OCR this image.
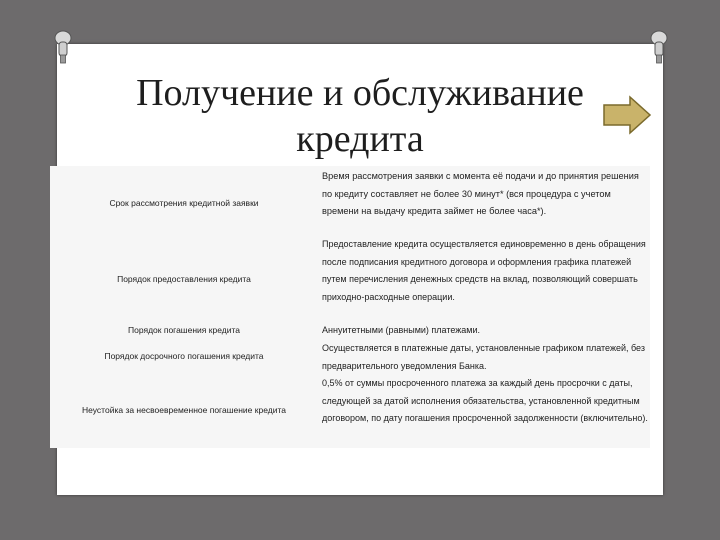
Получение и обслуживание
кредита
Срок рассмотрения кредитной заявки
Время рассмотрения заявки с момента её подачи и до принятия решения по кредиту составляет не более 30 минут* (вся процедура с учетом времени на выдачу кредита займет не более часа*).
Порядок предоставления кредита
Предоставление кредита осуществляется единовременно в день обращения после подписания кредитного договора и оформления графика платежей путем перечисления денежных средств на вклад, позволяющий совершать приходно-расходные операции.
Порядок погашения кредита	Аннуитетными (равными) платежами.
Порядок досрочного погашения кредита
Осуществляется в платежные даты, установленные графиком платежей, без предварительного уведомления Банка.
Неустойка за несвоевременное погашение кредита
0,5% от суммы просроченного платежа за каждый день просрочки с даты, следующей за датой исполнения обязательства, установленной кредитным договором, по дату погашения просроченной задолженности (включительно).
